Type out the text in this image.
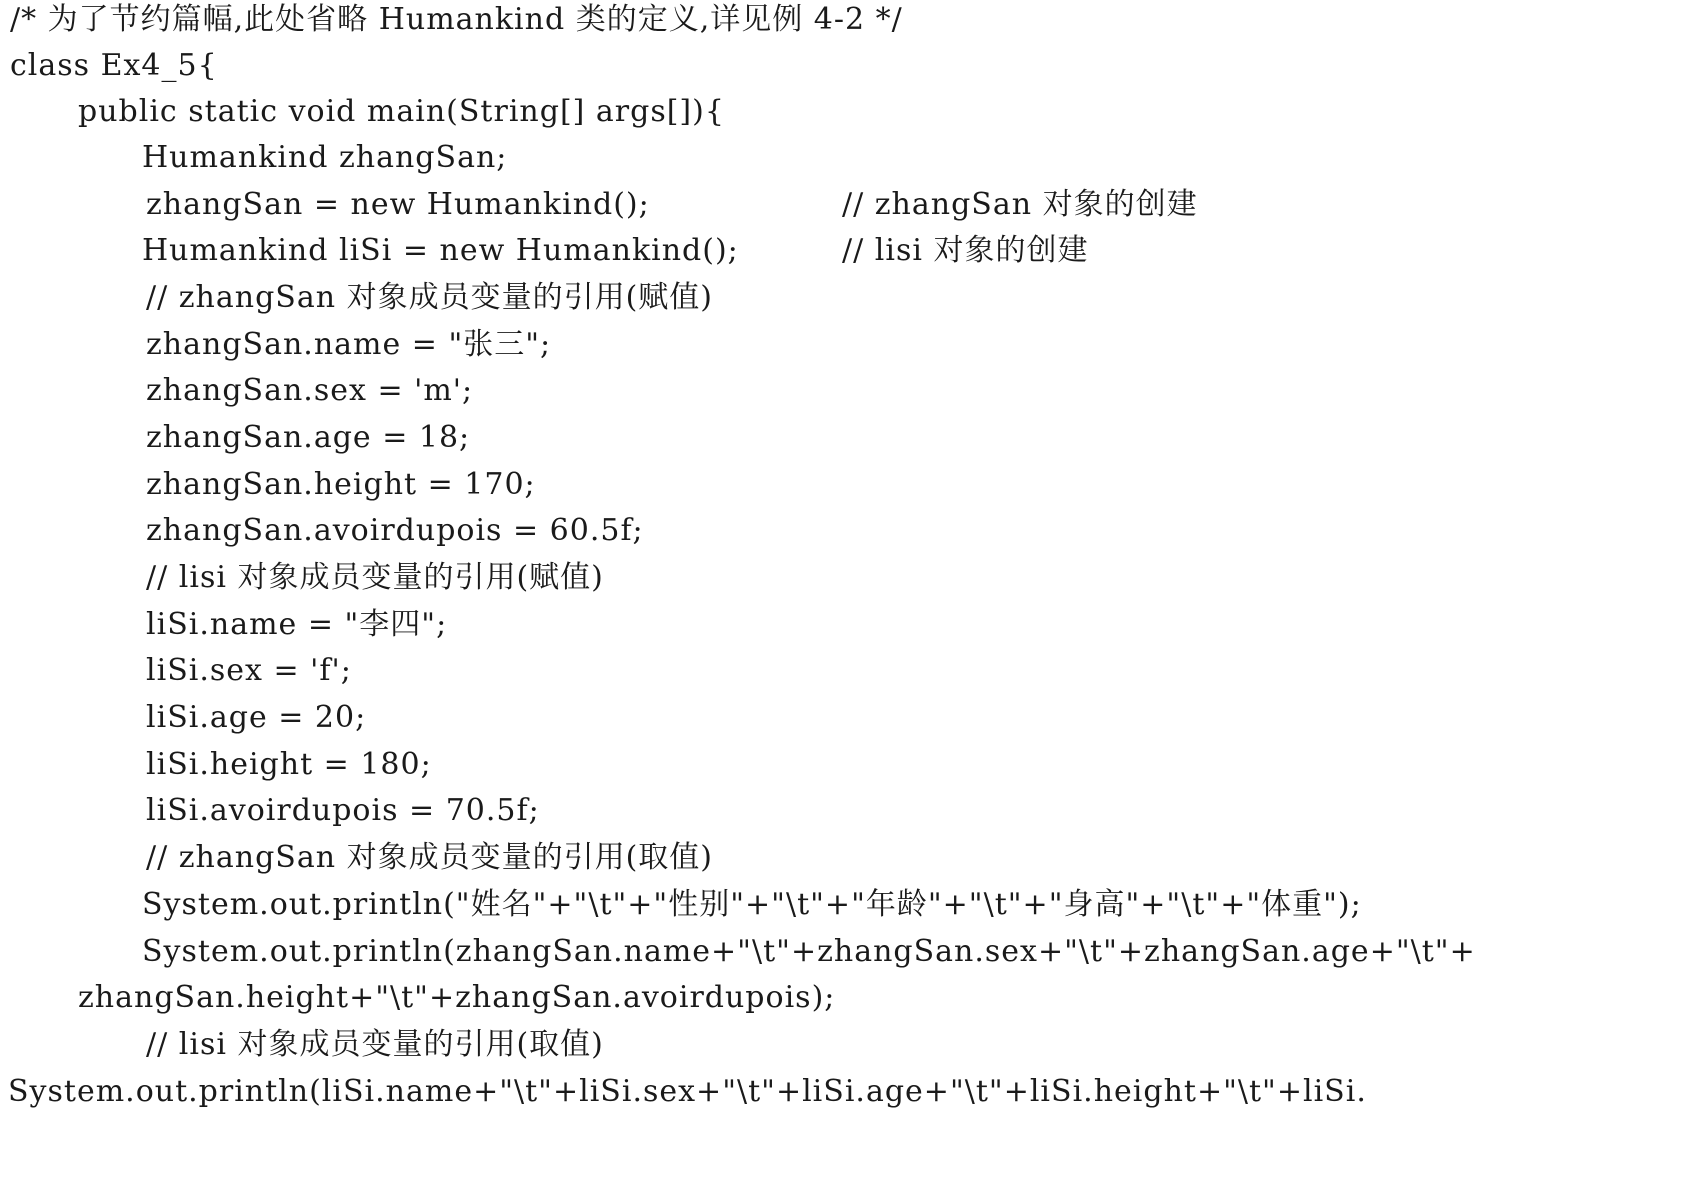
/* 为了节约篇幅,此处省略 Humankind 类的定义,详见例 4-2 */
class Ex4_5{
public static void main(String[] args[]){
Humankind zhangSan;
zhangSan = new Humankind();	// zhangSan 对象的创建
Humankind liSi = new Humankind();	// lisi 对象的创建
// zhangSan 对象成员变量的引用(赋值)
zhangSan.name = "张三";
zhangSan.sex = 'm';
zhangSan.age = 18;
zhangSan.height = 170;
zhangSan.avoirdupois = 60.5f;
// lisi 对象成员变量的引用(赋值)
liSi.name = "李四";
liSi.sex = 'f';
liSi.age = 20;
liSi.height = 180;
liSi.avoirdupois = 70.5f;
// zhangSan 对象成员变量的引用(取值)
System.out.println("姓名"+"\t"+"性别"+"\t"+"年龄"+"\t"+"身高"+"\t"+"体重");
System.out.println(zhangSan.name+"\t"+zhangSan.sex+"\t"+zhangSan.age+"\t"+
zhangSan.height+"\t"+zhangSan.avoirdupois);
// lisi 对象成员变量的引用(取值)
System.out.println(liSi.name+"\t"+liSi.sex+"\t"+liSi.age+"\t"+liSi.height+"\t"+liSi.
